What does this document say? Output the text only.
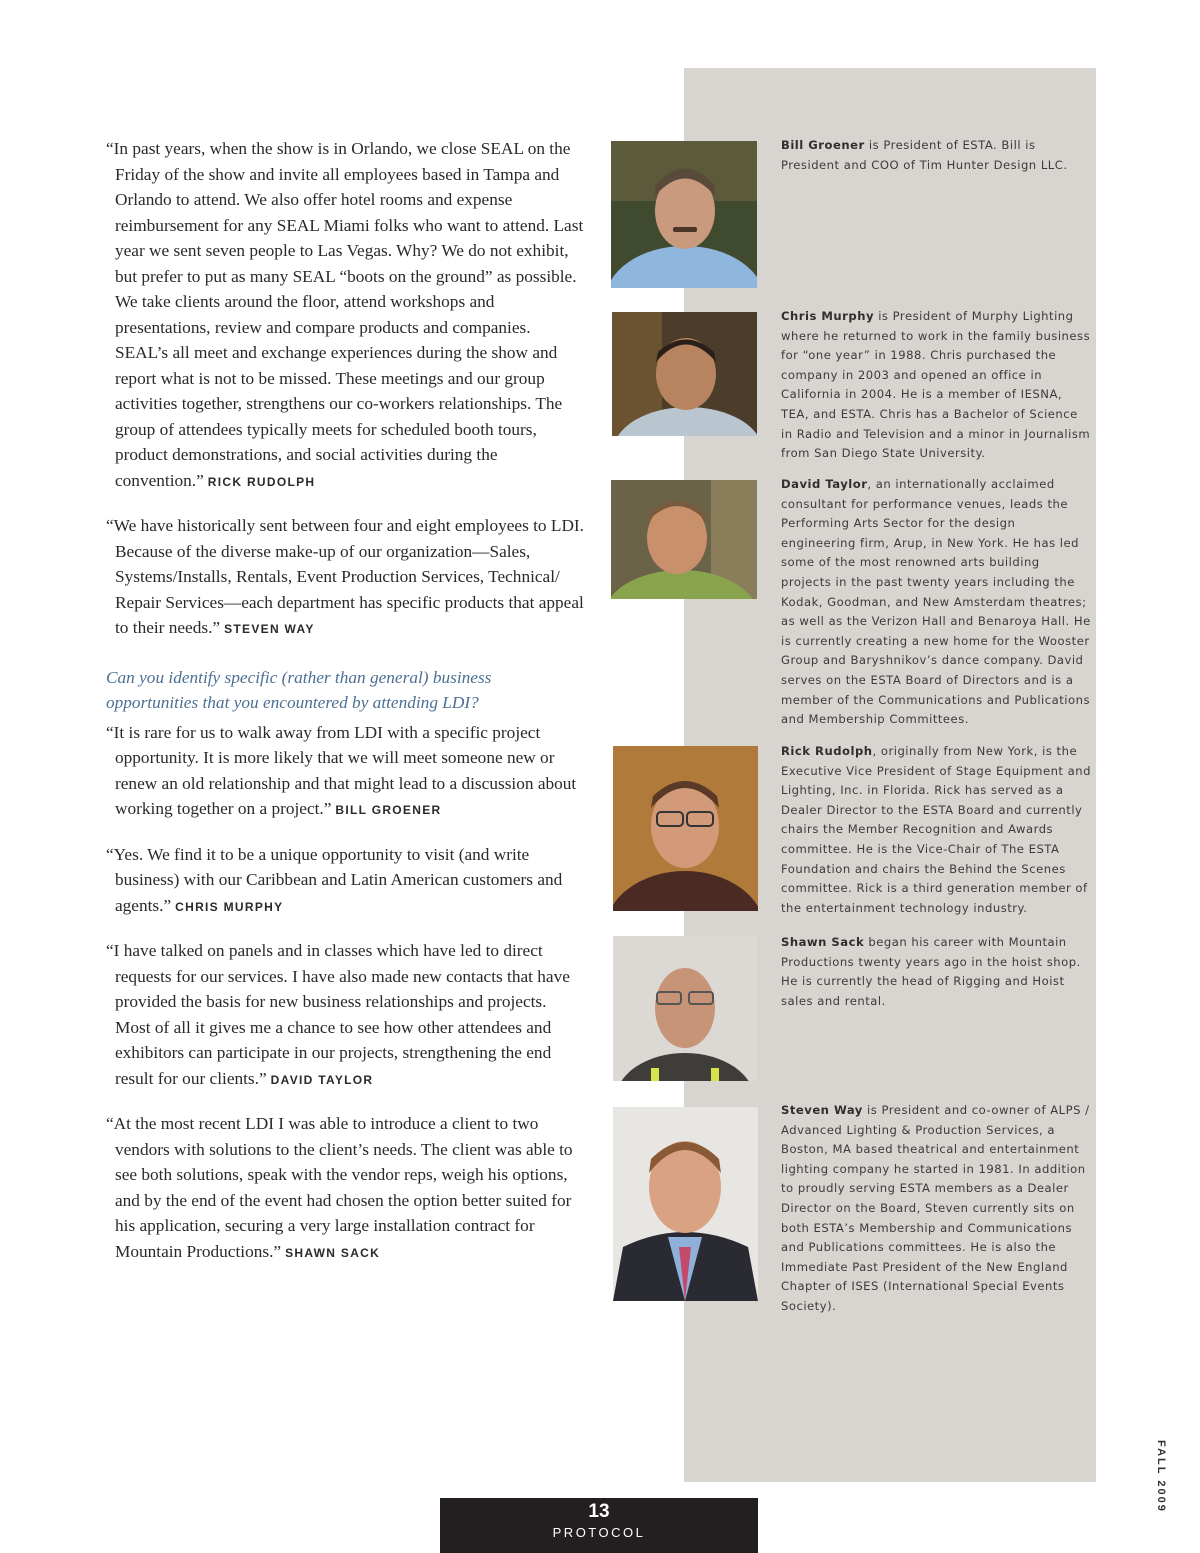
“In past years, when the show is in Orlando, we close SEAL on the Friday of the show and invite all employees based in Tampa and Orlando to attend. We also offer hotel rooms and expense reimbursement for any SEAL Miami folks who want to attend. Last year we sent seven people to Las Vegas. Why? We do not exhibit, but prefer to put as many SEAL “boots on the ground” as possible. We take clients around the floor, attend workshops and presentations, review and compare products and companies. SEAL’s all meet and exchange experiences during the show and report what is not to be missed. These meetings and our group activities together, strengthens our co-workers relationships. The group of attendees typically meets for scheduled booth tours, product demonstrations, and social activities during the convention.” RICK RUDOLPH

“We have historically sent between four and eight employees to LDI. Because of the diverse make-up of our organization—Sales, Systems/Installs, Rentals, Event Production Services, Technical/ Repair Services—each department has specific products that appeal to their needs.” STEVEN WAY

Can you identify specific (rather than general) business opportunities that you encountered by attending LDI?

“It is rare for us to walk away from LDI with a specific project opportunity. It is more likely that we will meet someone new or renew an old relationship and that might lead to a discussion about working together on a project.” BILL GROENER

“Yes. We find it to be a unique opportunity to visit (and write business) with our Caribbean and Latin American customers and agents.” CHRIS MURPHY

“I have talked on panels and in classes which have led to direct requests for our services. I have also made new contacts that have provided the basis for new business relationships and projects. Most of all it gives me a chance to see how other attendees and exhibitors can participate in our projects, strengthening the end result for our clients.” DAVID TAYLOR

“At the most recent LDI I was able to introduce a client to two vendors with solutions to the client’s needs. The client was able to see both solutions, speak with the vendor reps, weigh his options, and by the end of the event had chosen the option better suited for his application, securing a very large installation contract for Mountain Productions.” SHAWN SACK

Bill Groener is President of ESTA. Bill is President and COO of Tim Hunter Design LLC.
Chris Murphy is President of Murphy Lighting where he returned to work in the family business for “one year” in 1988. Chris purchased the company in 2003 and opened an office in California in 2004. He is a member of IESNA, TEA, and ESTA. Chris has a Bachelor of Science in Radio and Television and a minor in Journalism from San Diego State University.
David Taylor, an internationally acclaimed consultant for performance venues, leads the Performing Arts Sector for the design engineering firm, Arup, in New York. He has led some of the most renowned arts building projects in the past twenty years including the Kodak, Goodman, and New Amsterdam theatres; as well as the Verizon Hall and Benaroya Hall. He is currently creating a new home for the Wooster Group and Baryshnikov’s dance company. David serves on the ESTA Board of Directors and is a member of the Communications and Publications and Membership Committees.
Rick Rudolph, originally from New York, is the Executive Vice President of Stage Equipment and Lighting, Inc. in Florida. Rick has served as a Dealer Director to the ESTA Board and currently chairs the Member Recognition and Awards committee. He is the Vice-Chair of The ESTA Foundation and chairs the Behind the Scenes committee. Rick is a third generation member of the entertainment technology industry.
Shawn Sack began his career with Mountain Productions twenty years ago in the hoist shop. He is currently the head of Rigging and Hoist sales and rental.
Steven Way is President and co-owner of ALPS / Advanced Lighting & Production Services, a Boston, MA based theatrical and entertainment lighting company he started in 1981. In addition to proudly serving ESTA members as a Dealer Director on the Board, Steven currently sits on both ESTA’s Membership and Communications and Publications committees. He is also the Immediate Past President of the New England Chapter of ISES (International Special Events Society).
13
PROTOCOL
FALL 2009
